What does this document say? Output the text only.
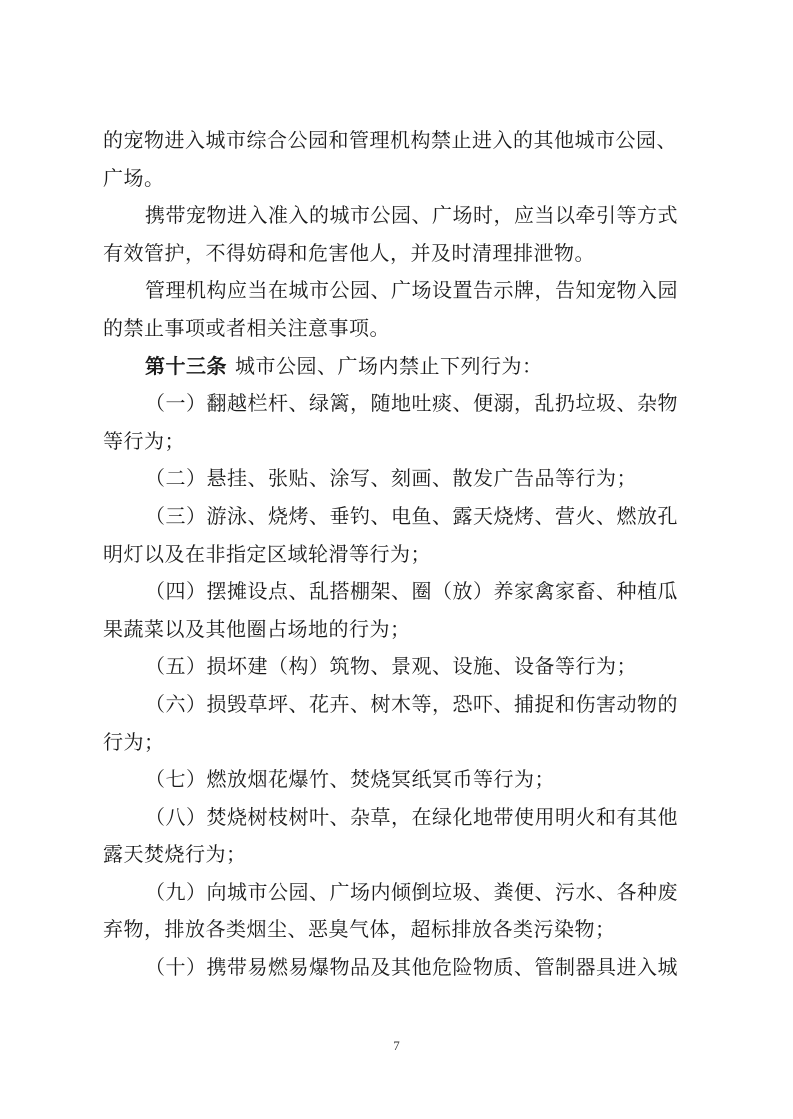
的宠物进入城市综合公园和管理机构禁止进入的其他城市公园、
广场。
携带宠物进入准入的城市公园、广场时，应当以牵引等方式
有效管护，不得妨碍和危害他人，并及时清理排泄物。
管理机构应当在城市公园、广场设置告示牌，告知宠物入园
的禁止事项或者相关注意事项。
第十三条 城市公园、广场内禁止下列行为：
（一）翻越栏杆、绿篱，随地吐痰、便溺，乱扔垃圾、杂物
等行为；
（二）悬挂、张贴、涂写、刻画、散发广告品等行为；
（三）游泳、烧烤、垂钓、电鱼、露天烧烤、营火、燃放孔
明灯以及在非指定区域轮滑等行为；
（四）摆摊设点、乱搭棚架、圈（放）养家禽家畜、种植瓜
果蔬菜以及其他圈占场地的行为；
（五）损坏建（构）筑物、景观、设施、设备等行为；
（六）损毁草坪、花卉、树木等，恐吓、捕捉和伤害动物的
行为；
（七）燃放烟花爆竹、焚烧冥纸冥币等行为；
（八）焚烧树枝树叶、杂草，在绿化地带使用明火和有其他
露天焚烧行为；
（九）向城市公园、广场内倾倒垃圾、粪便、污水、各种废
弃物，排放各类烟尘、恶臭气体，超标排放各类污染物；
（十）携带易燃易爆物品及其他危险物质、管制器具进入城
7
